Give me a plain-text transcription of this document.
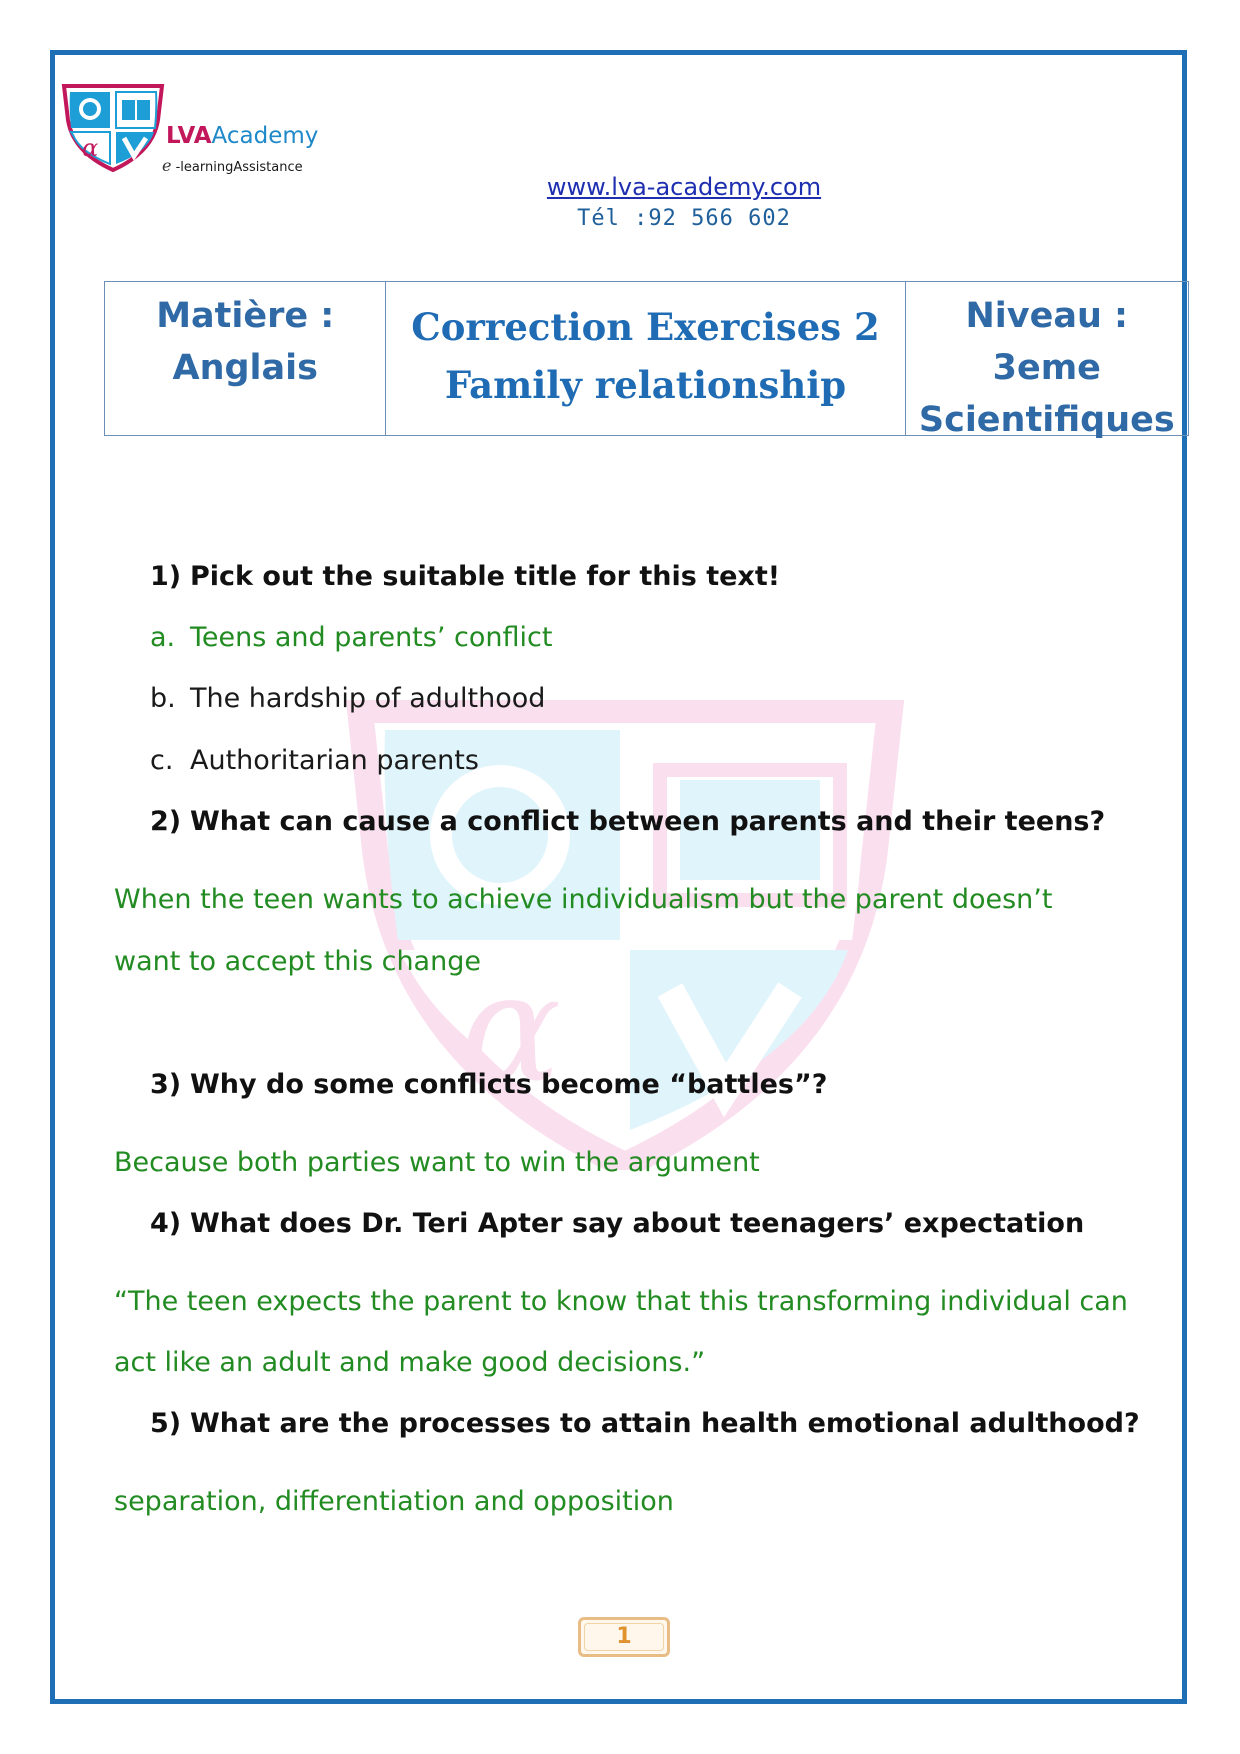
α	LVAAcademy
e -learningAssistance
www.lva-academy.com
Tél :92 566 602
Matière :
Anglais
Correction Exercises 2
Family relationship
Niveau : 3eme
Scientifiques
α
1) Pick out the suitable title for this text!
a. Teens and parents’ conflict
b. The hardship of adulthood
c. Authoritarian parents
2) What can cause a conflict between parents and their teens?
When the teen wants to achieve individualism but the parent doesn’t
want to accept this change
3) Why do some conflicts become “battles”?
Because both parties want to win the argument
4) What does Dr. Teri Apter say about teenagers’ expectation
“The teen expects the parent to know that this transforming individual can
act like an adult and make good decisions.”
5) What are the processes to attain health emotional adulthood?
separation, differentiation and opposition
1
